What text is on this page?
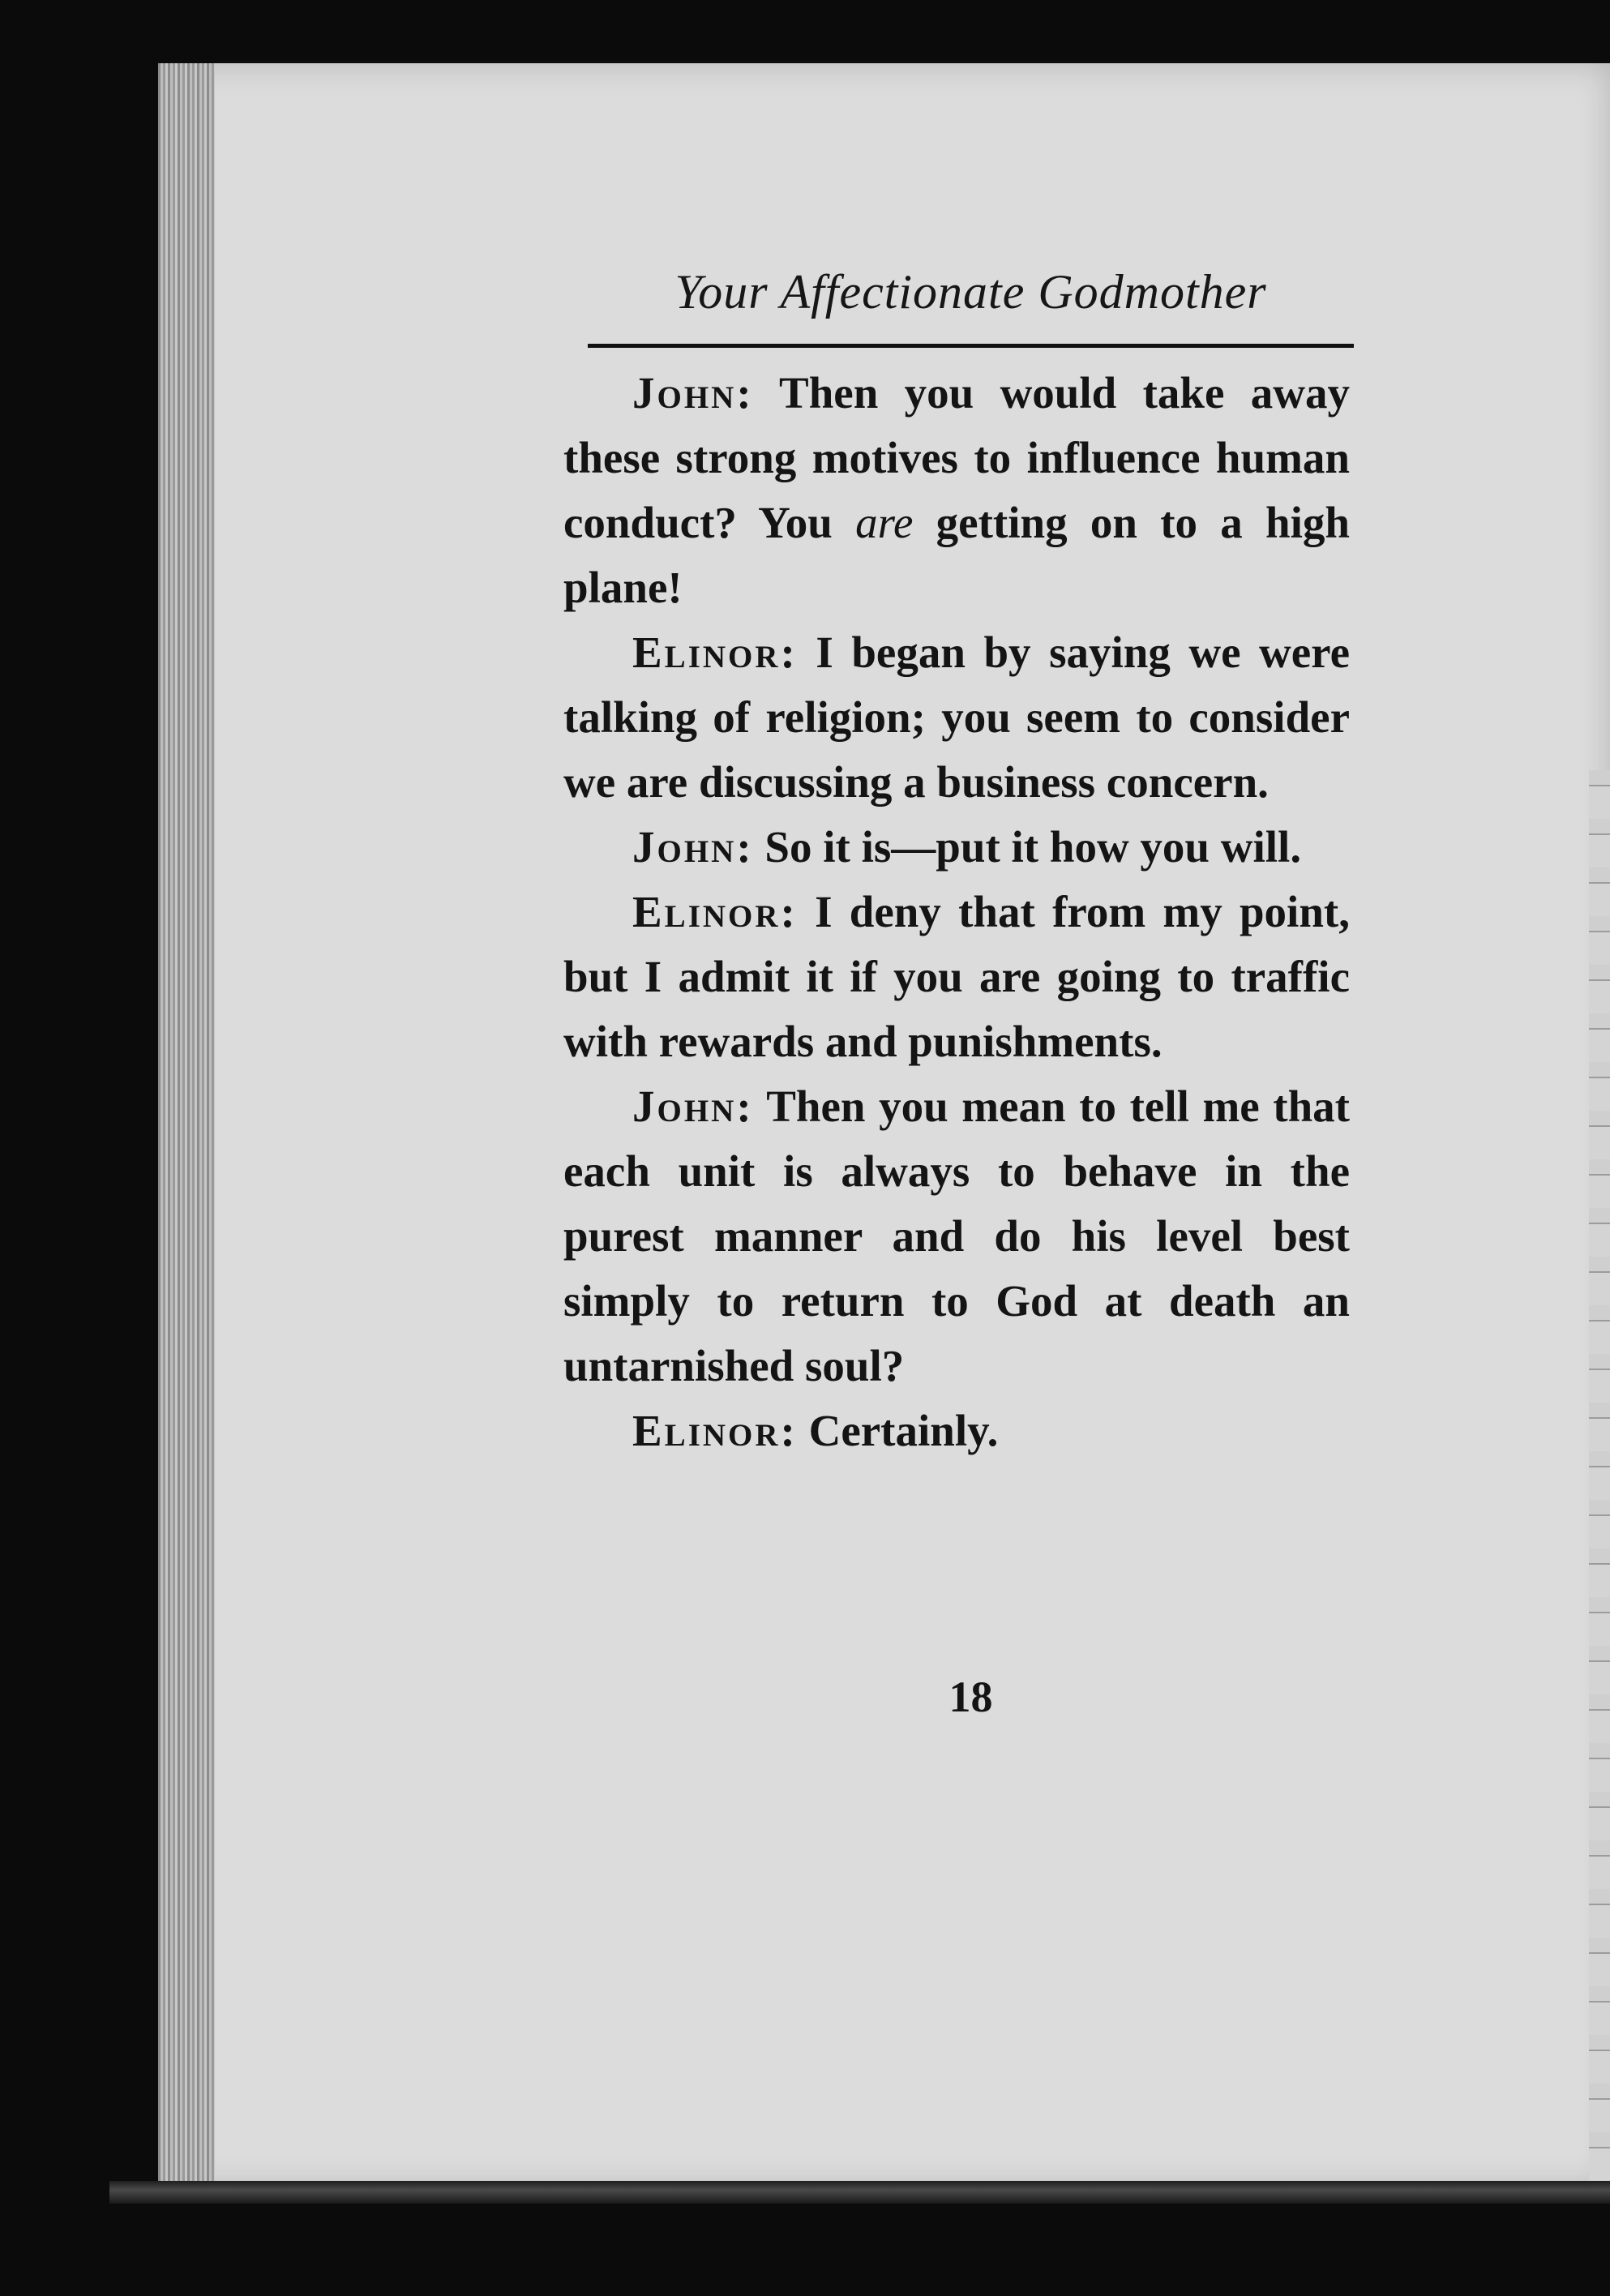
Your Affectionate Godmother

John: Then you would take away these strong motives to influence human conduct? You are getting on to a high plane!

Elinor: I began by saying we were talking of religion; you seem to consider we are discussing a business concern.

John: So it is—put it how you will.

Elinor: I deny that from my point, but I admit it if you are going to traffic with rewards and punishments.

John: Then you mean to tell me that each unit is always to behave in the purest manner and do his level best simply to return to God at death an untarnished soul?

Elinor: Certainly.

18
